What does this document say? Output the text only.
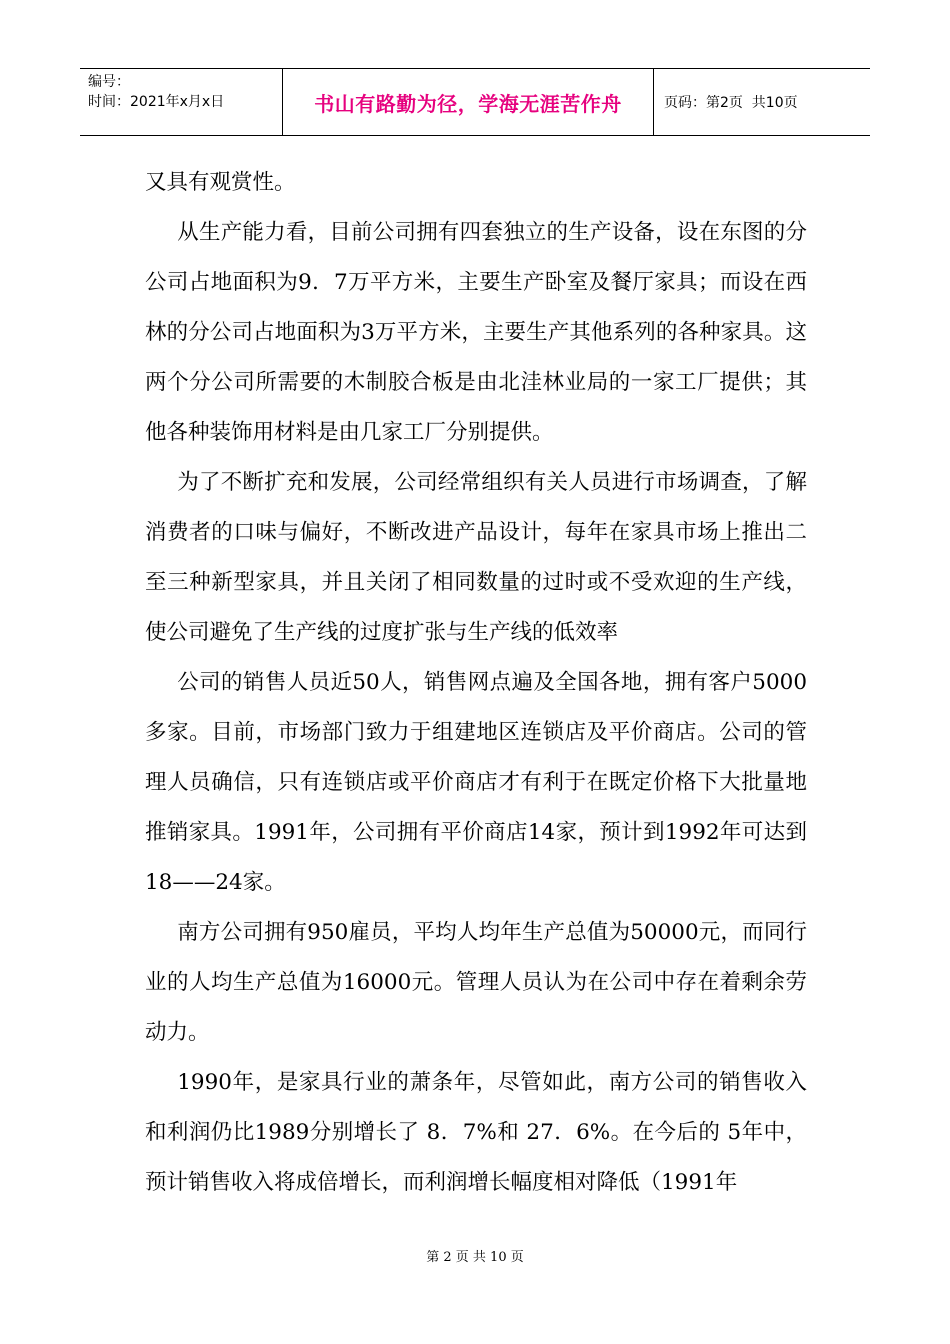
编号：
时间：2021年x月x日	书山有路勤为径，学海无涯苦作舟	页码：第2页  共10页

又具有观赏性。

从生产能力看，目前公司拥有四套独立的生产设备，设在东图的分公司占地面积为9．7万平方米，主要生产卧室及餐厅家具；而设在西林的分公司占地面积为3万平方米，主要生产其他系列的各种家具。这两个分公司所需要的木制胶合板是由北洼林业局的一家工厂提供；其他各种装饰用材料是由几家工厂分别提供。

为了不断扩充和发展，公司经常组织有关人员进行市场调查，了解消费者的口味与偏好，不断改进产品设计，每年在家具市场上推出二至三种新型家具，并且关闭了相同数量的过时或不受欢迎的生产线，使公司避免了生产线的过度扩张与生产线的低效率

公司的销售人员近50人，销售网点遍及全国各地，拥有客户5000多家。目前，市场部门致力于组建地区连锁店及平价商店。公司的管理人员确信，只有连锁店或平价商店才有利于在既定价格下大批量地推销家具。1991年，公司拥有平价商店14家，预计到1992年可达到18——24家。

南方公司拥有950雇员，平均人均年生产总值为50000元，而同行业的人均生产总值为16000元。管理人员认为在公司中存在着剩余劳动力。

1990年，是家具行业的萧条年，尽管如此，南方公司的销售收入和利润仍比1989分别增长了 8．7%和 27．6%。在今后的 5年中，预计销售收入将成倍增长，而利润增长幅度相对降低（1991年

第 2 页 共 10 页
